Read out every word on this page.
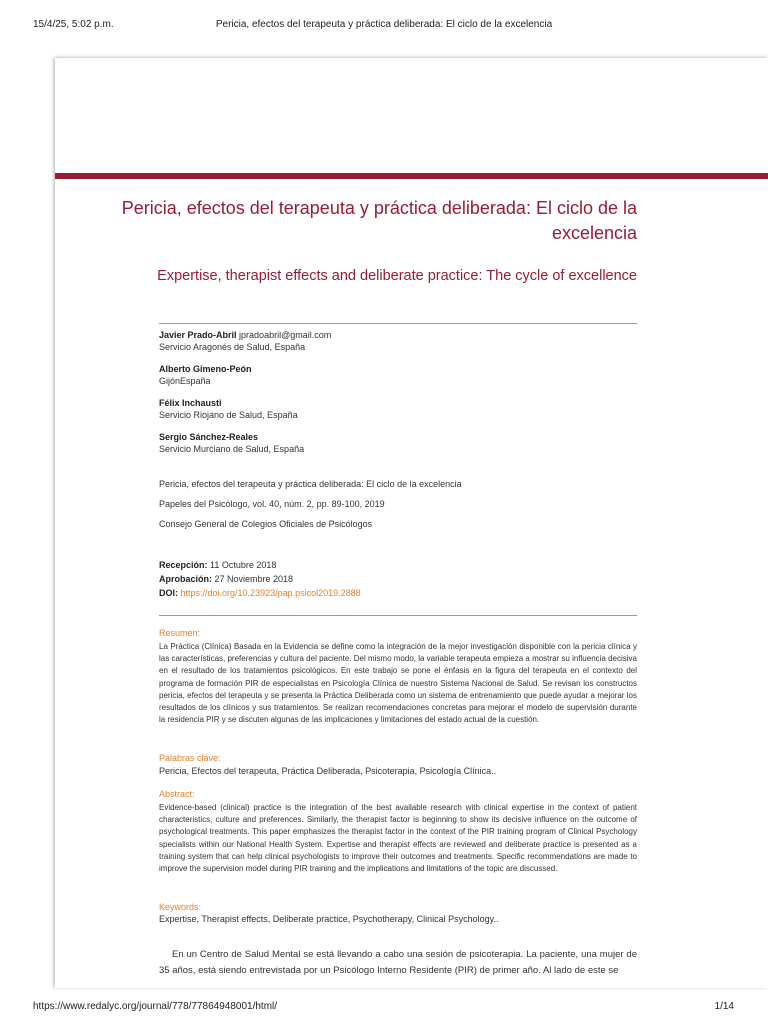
15/4/25, 5:02 p.m.	Pericia, efectos del terapeuta y práctica deliberada: El ciclo de la excelencia
Pericia, efectos del terapeuta y práctica deliberada: El ciclo de la excelencia
Expertise, therapist effects and deliberate practice: The cycle of excellence
Javier Prado-Abril jpradoabril@gmail.com
Servicio Aragonés de Salud, España
Alberto Gimeno-Peón
GijónEspaña
Félix Inchausti
Servicio Riojano de Salud, España
Sergio Sánchez-Reales
Servicio Murciano de Salud, España
Pericia, efectos del terapeuta y práctica deliberada: El ciclo de la excelencia
Papeles del Psicólogo, vol. 40, núm. 2, pp. 89-100, 2019
Consejo General de Colegios Oficiales de Psicólogos
Recepción: 11 Octubre 2018
Aprobación: 27 Noviembre 2018
DOI: https://doi.org/10.23923/pap.psicol2019.2888
Resumen:
La Práctica (Clínica) Basada en la Evidencia se define como la integración de la mejor investigación disponible con la pericia clínica y las características, preferencias y cultura del paciente. Del mismo modo, la variable terapeuta empieza a mostrar su influencia decisiva en el resultado de los tratamientos psicológicos. En este trabajo se pone el énfasis en la figura del terapeuta en el contexto del programa de formación PIR de especialistas en Psicología Clínica de nuestro Sistema Nacional de Salud. Se revisan los constructos pericia, efectos del terapeuta y se presenta la Práctica Deliberada como un sistema de entrenamiento que puede ayudar a mejorar los resultados de los clínicos y sus tratamientos. Se realizan recomendaciones concretas para mejorar el modelo de supervisión durante la residencia PIR y se discuten algunas de las implicaciones y limitaciones del estado actual de la cuestión.
Palabras clave:
Pericia, Efectos del terapeuta, Práctica Deliberada, Psicoterapia, Psicología Clínica..
Abstract:
Evidence-based (clinical) practice is the integration of the best available research with clinical expertise in the context of patient characteristics, culture and preferences. Similarly, the therapist factor is beginning to show its decisive influence on the outcome of psychological treatments. This paper emphasizes the therapist factor in the context of the PIR training program of Clinical Psychology specialists within our National Health System. Expertise and therapist effects are reviewed and deliberate practice is presented as a training system that can help clinical psychologists to improve their outcomes and treatments. Specific recommendations are made to improve the supervision model during PIR training and the implications and limitations of the topic are discussed.
Keywords:
Expertise, Therapist effects, Deliberate practice, Psychotherapy, Clinical Psychology..
En un Centro de Salud Mental se está llevando a cabo una sesión de psicoterapia. La paciente, una mujer de 35 años, está siendo entrevistada por un Psicólogo Interno Residente (PIR) de primer año. Al lado de este se
https://www.redalyc.org/journal/778/77864948001/html/	1/14
